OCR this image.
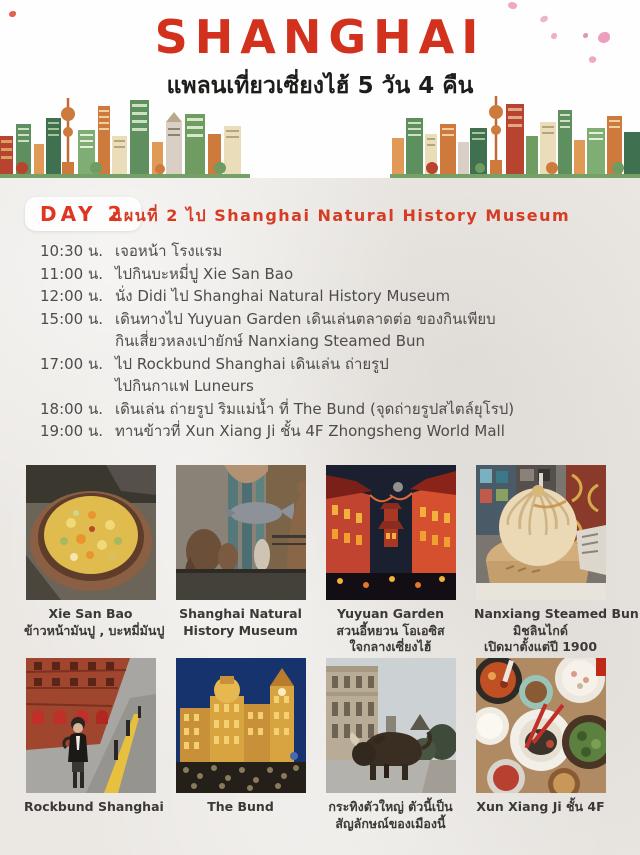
SHANGHAI
แพลนเที่ยวเซี่ยงไฮ้ 5 วัน 4 คืน
DAY 2
แผนที่ 2 ไป Shanghai Natural History Museum
10:30 น. เจอหน้า โรงแรม
11:00 น. ไปกินบะหมี่ปู Xie San Bao
12:00 น. นั่ง Didi ไป Shanghai Natural History Museum
15:00 น. เดินทางไป Yuyuan Garden เดินเล่นตลาดต่อ ของกินเพียบ
กินเสี่ยวหลงเปายักษ์ Nanxiang Steamed Bun
17:00 น. ไป Rockbund Shanghai เดินเล่น ถ่ายรูป
ไปกินกาแฟ Luneurs
18:00 น. เดินเล่น ถ่ายรูป ริมแม่น้ำ ที่ The Bund (จุดถ่ายรูปสไตล์ยุโรป)
19:00 น. ทานข้าวที่ Xun Xiang Ji ชั้น 4F Zhongsheng World Mall
Xie San Bao
ข้าวหน้ามันปู , บะหมี่มันปู
Shanghai Natural
History Museum
Yuyuan Garden
สวนอี้หยวน โอเอซิส
ใจกลางเซี่ยงไฮ้
Nanxiang Steamed Bun
มิชลินไกด์
เปิดมาตั้งแต่ปี 1900
Rockbund Shanghai	The Bund	กระทิงตัวใหญ่ ตัวนี้เป็น
สัญลักษณ์ของเมืองนี้
Xun Xiang Ji ชั้น 4F
